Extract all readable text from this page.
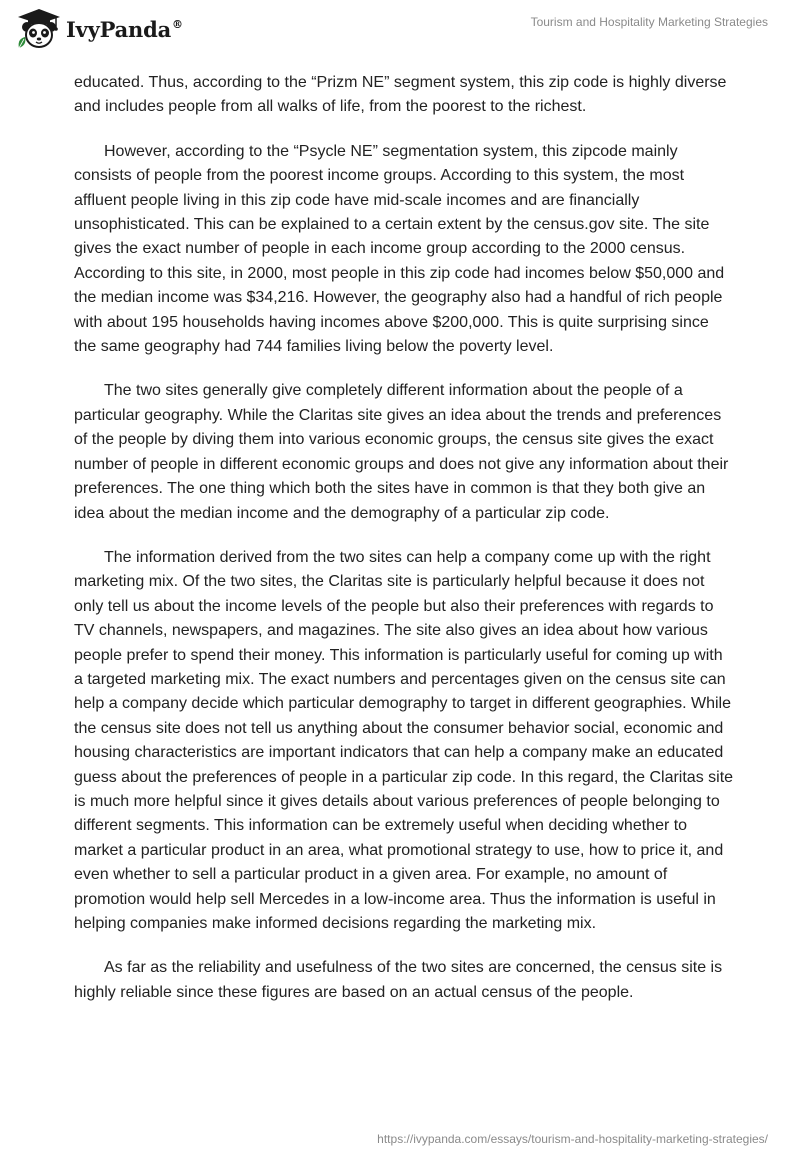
IvyPanda®	Tourism and Hospitality Marketing Strategies

educated. Thus, according to the “Prizm NE” segment system, this zip code is highly diverse and includes people from all walks of life, from the poorest to the richest.

However, according to the “Psycle NE” segmentation system, this zipcode mainly consists of people from the poorest income groups. According to this system, the most affluent people living in this zip code have mid-scale incomes and are financially unsophisticated. This can be explained to a certain extent by the census.gov site. The site gives the exact number of people in each income group according to the 2000 census. According to this site, in 2000, most people in this zip code had incomes below $50,000 and the median income was $34,216. However, the geography also had a handful of rich people with about 195 households having incomes above $200,000. This is quite surprising since the same geography had 744 families living below the poverty level.

The two sites generally give completely different information about the people of a particular geography. While the Claritas site gives an idea about the trends and preferences of the people by diving them into various economic groups, the census site gives the exact number of people in different economic groups and does not give any information about their preferences. The one thing which both the sites have in common is that they both give an idea about the median income and the demography of a particular zip code.

The information derived from the two sites can help a company come up with the right marketing mix. Of the two sites, the Claritas site is particularly helpful because it does not only tell us about the income levels of the people but also their preferences with regards to TV channels, newspapers, and magazines. The site also gives an idea about how various people prefer to spend their money. This information is particularly useful for coming up with a targeted marketing mix. The exact numbers and percentages given on the census site can help a company decide which particular demography to target in different geographies. While the census site does not tell us anything about the consumer behavior social, economic and housing characteristics are important indicators that can help a company make an educated guess about the preferences of people in a particular zip code. In this regard, the Claritas site is much more helpful since it gives details about various preferences of people belonging to different segments. This information can be extremely useful when deciding whether to market a particular product in an area, what promotional strategy to use, how to price it, and even whether to sell a particular product in a given area. For example, no amount of promotion would help sell Mercedes in a low-income area. Thus the information is useful in helping companies make informed decisions regarding the marketing mix.

As far as the reliability and usefulness of the two sites are concerned, the census site is highly reliable since these figures are based on an actual census of the people.

https://ivypanda.com/essays/tourism-and-hospitality-marketing-strategies/
